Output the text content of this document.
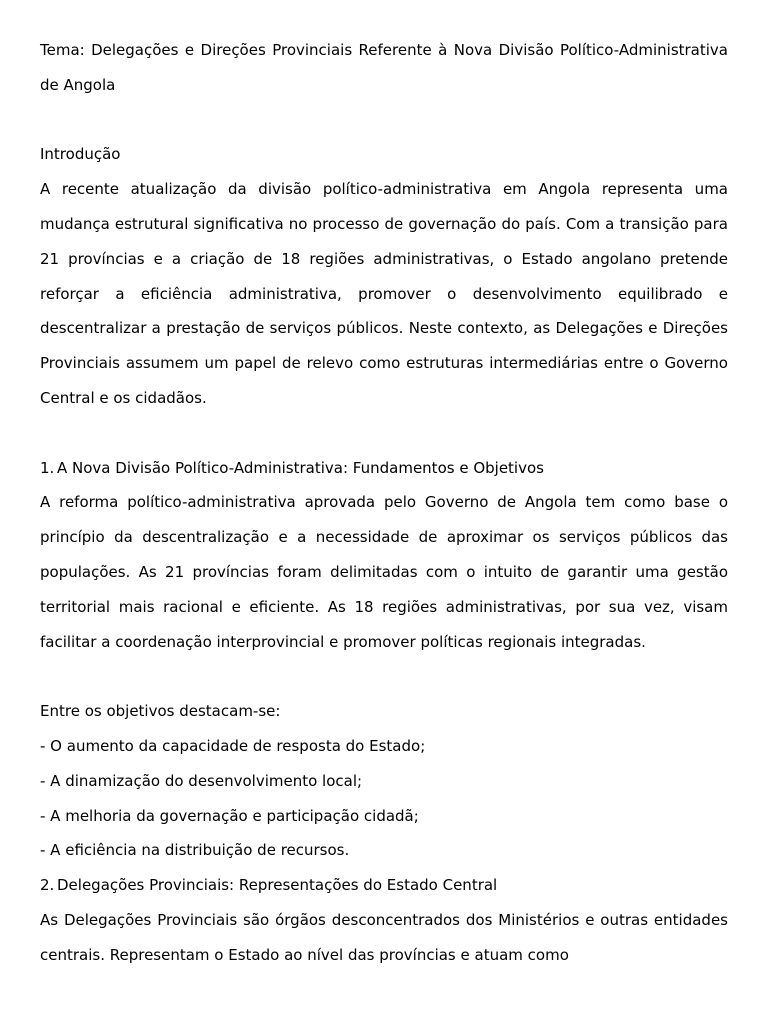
Tema: Delegações e Direções Provinciais Referente à Nova Divisão Político-Administrativa de Angola

Introdução

A recente atualização da divisão político-administrativa em Angola representa uma mudança estrutural significativa no processo de governação do país. Com a transição para 21 províncias e a criação de 18 regiões administrativas, o Estado angolano pretende reforçar a eficiência administrativa, promover o desenvolvimento equilibrado e descentralizar a prestação de serviços públicos. Neste contexto, as Delegações e Direções Provinciais assumem um papel de relevo como estruturas intermediárias entre o Governo Central e os cidadãos.

1. A Nova Divisão Político-Administrativa: Fundamentos e Objetivos

A reforma político-administrativa aprovada pelo Governo de Angola tem como base o princípio da descentralização e a necessidade de aproximar os serviços públicos das populações. As 21 províncias foram delimitadas com o intuito de garantir uma gestão territorial mais racional e eficiente. As 18 regiões administrativas, por sua vez, visam facilitar a coordenação interprovincial e promover políticas regionais integradas.

Entre os objetivos destacam-se:

- O aumento da capacidade de resposta do Estado;

- A dinamização do desenvolvimento local;

- A melhoria da governação e participação cidadã;

- A eficiência na distribuição de recursos.

2. Delegações Provinciais: Representações do Estado Central

As Delegações Provinciais são órgãos desconcentrados dos Ministérios e outras entidades centrais. Representam o Estado ao nível das províncias e atuam como
